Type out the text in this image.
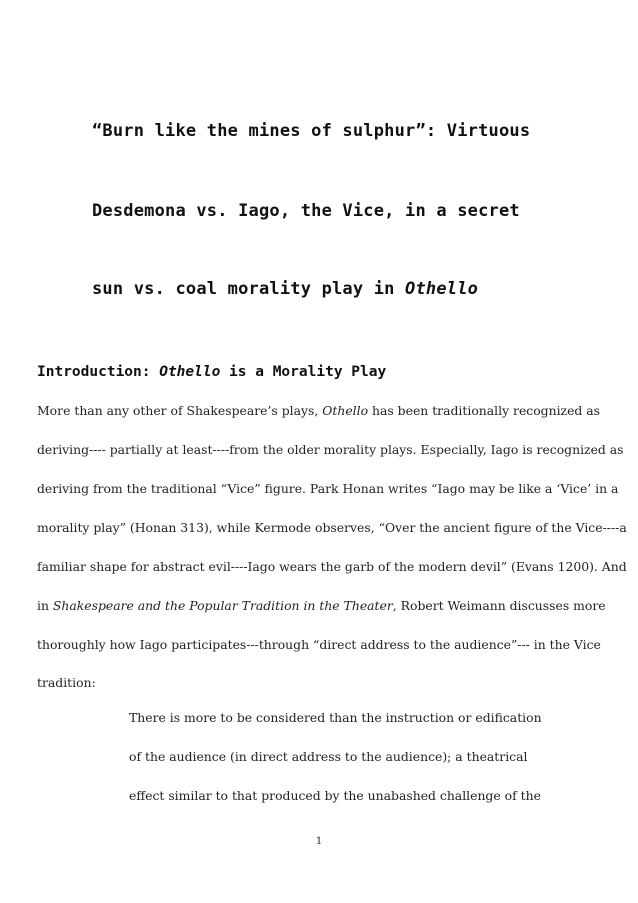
“Burn like the mines of sulphur”: Virtuous
Desdemona vs. Iago, the Vice, in a secret
sun vs. coal morality play in Othello
Introduction: Othello is a Morality Play
More than any other of Shakespeare’s plays, Othello has been traditionally recognized as
deriving---- partially at least----from the older morality plays. Especially, Iago is recognized as
deriving from the traditional “Vice” figure. Park Honan writes “Iago may be like a ‘Vice’ in a
morality play” (Honan 313), while Kermode observes, “Over the ancient figure of the Vice----a
familiar shape for abstract evil----Iago wears the garb of the modern devil” (Evans 1200). And
in Shakespeare and the Popular Tradition in the Theater, Robert Weimann discusses more
thoroughly how Iago participates---through “direct address to the audience”--- in the Vice
tradition:
There is more to be considered than the instruction or edification
of the audience (in direct address to the audience); a theatrical
effect similar to that produced by the unabashed challenge of the
1
